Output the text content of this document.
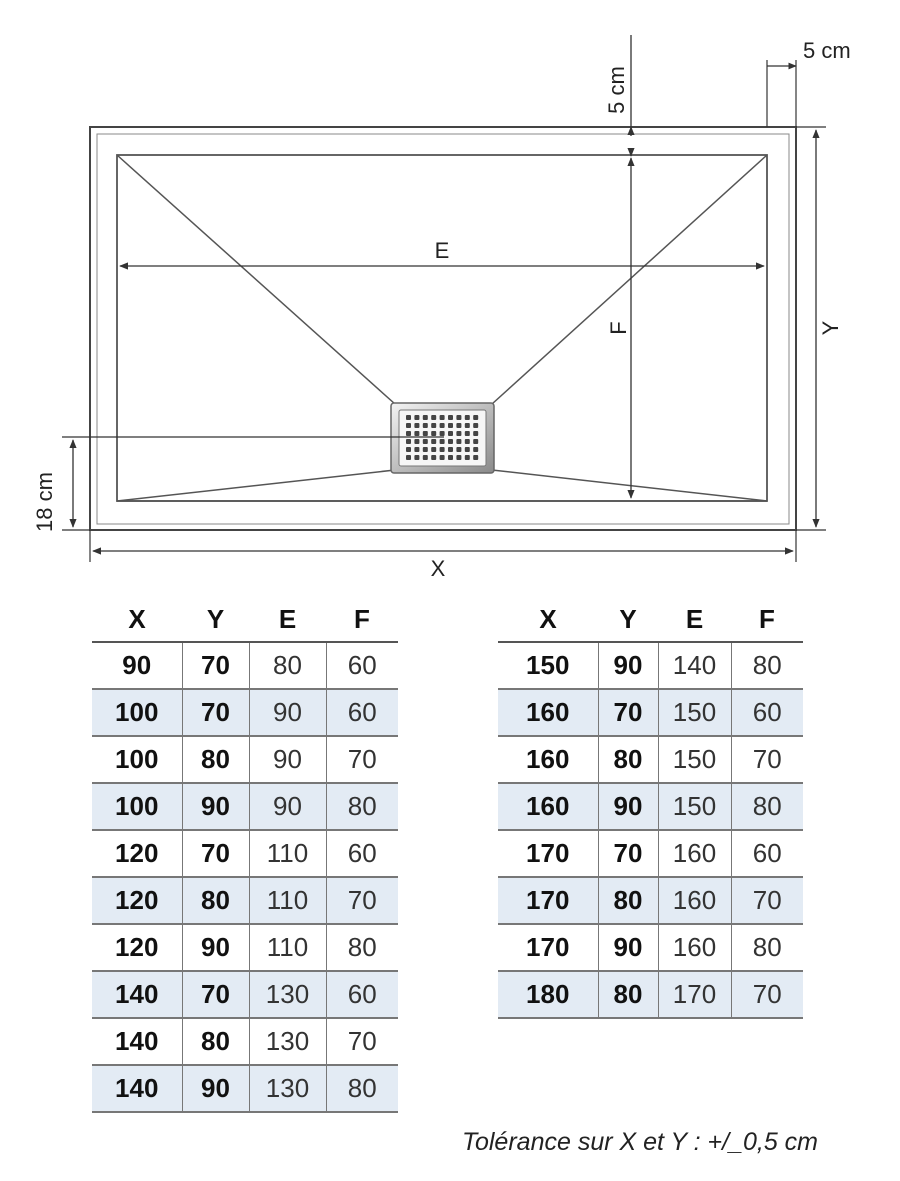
E
F
5 cm
5 cm
Y
X
18 cm
X	Y	E	F
90	70	80	60
100	70	90	60
100	80	90	70
100	90	90	80
120	70	110	60
120	80	110	70
120	90	110	80
140	70	130	60
140	80	130	70
140	90	130	80
X	Y	E	F
150	90	140	80
160	70	150	60
160	80	150	70
160	90	150	80
170	70	160	60
170	80	160	70
170	90	160	80
180	80	170	70
Tolérance sur X et Y : +/_0,5 cm
